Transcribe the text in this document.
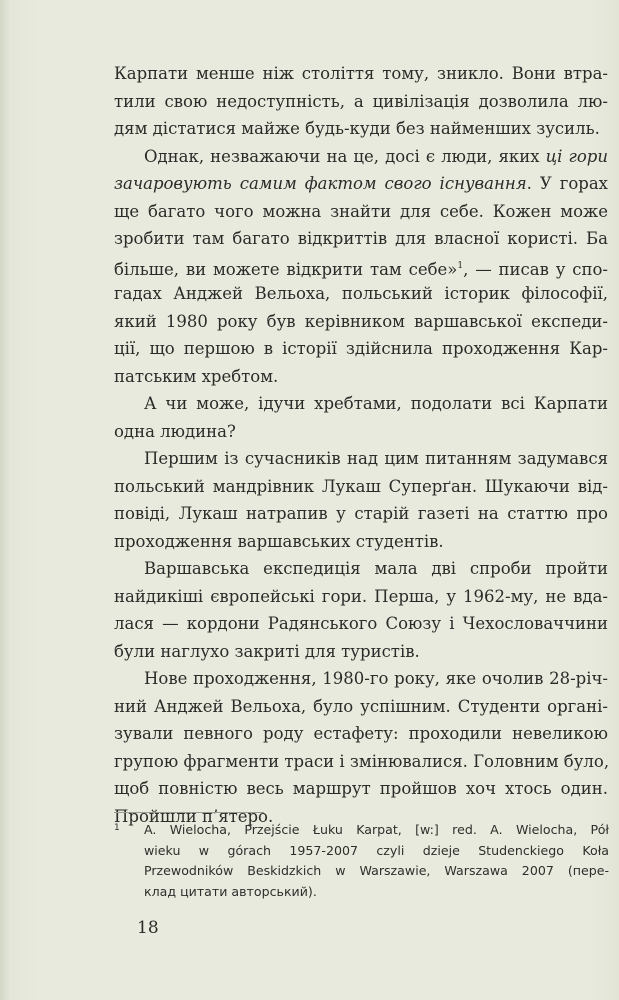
Карпати менше ніж століття тому, зникло. Вони втра-
тили свою недоступність, а цивілізація дозволила лю-
дям дістатися майже будь-куди без найменших зусиль.
Однак, незважаючи на це, досі є люди, яких ці гори
зачаровують самим фактом свого існування. У горах
ще багато чого можна знайти для себе. Кожен може
зробити там багато відкриттів для власної користі. Ба
більше, ви можете відкрити там себе»$^1$, — писав у спо-
гадах Анджей Вельоха, польський історик філософії,
який 1980 року був керівником варшавської експеди-
ції, що першою в історії здійснила проходження Кар-
патським хребтом.
А чи може, ідучи хребтами, подолати всі Карпати
одна людина?
Першим із сучасників над цим питанням задумався
польський мандрівник Лукаш Суперґан. Шукаючи від-
повіді, Лукаш натрапив у старій газеті на статтю про
проходження варшавських студентів.
Варшавська експедиція мала дві спроби пройти
найдикіші європейські гори. Перша, у 1962-му, не вда-
лася — кордони Радянського Союзу і Чехословаччини
були наглухо закриті для туристів.
Нове проходження, 1980-го року, яке очолив 28-річ-
ний Анджей Вельоха, було успішним. Студенти органі-
зували певного роду естафету: проходили невеликою
групою фрагменти траси і змінювалися. Головним було,
щоб повністю весь маршрут пройшов хоч хтось один.
Пройшли п’ятеро.
1	A. Wielocha, Przejście Łuku Karpat, [w:] red. A. Wielocha, Pół
wieku w górach 1957-2007 czyli dzieje Studenckiego Koła
Przewodników Beskidzkich w Warszawie, Warszawa 2007 (пере-
клад цитати авторський).
18
